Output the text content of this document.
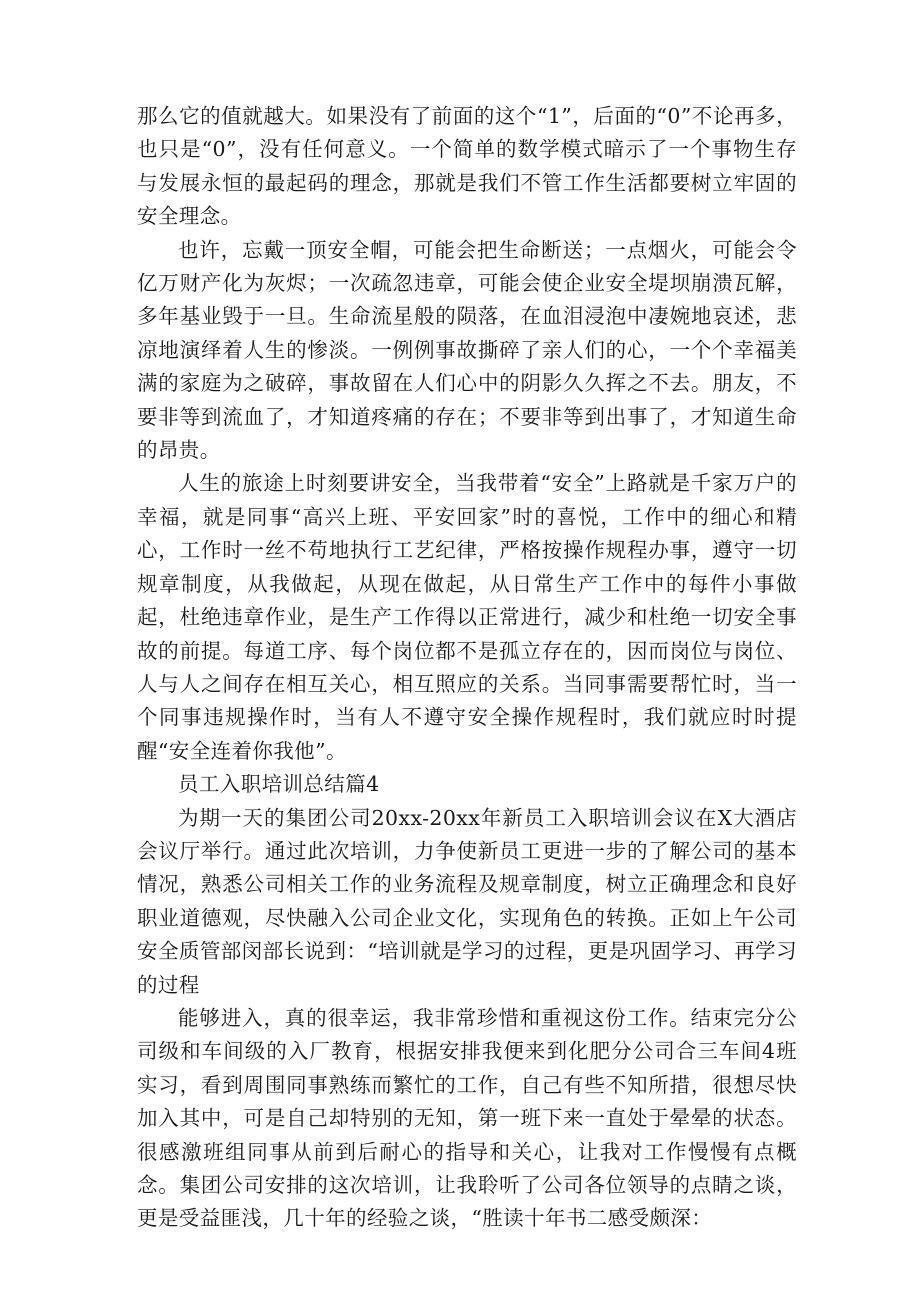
那么它的值就越大。如果没有了前面的这个“1”，后面的“0”不论再多，也只是“0”，没有任何意义。一个简单的数学模式暗示了一个事物生存与发展永恒的最起码的理念，那就是我们不管工作生活都要树立牢固的安全理念。

也许，忘戴一顶安全帽，可能会把生命断送；一点烟火，可能会令亿万财产化为灰烬；一次疏忽违章，可能会使企业安全堤坝崩溃瓦解，多年基业毁于一旦。生命流星般的陨落，在血泪浸泡中凄婉地哀述，悲凉地演绎着人生的惨淡。一例例事故撕碎了亲人们的心，一个个幸福美满的家庭为之破碎，事故留在人们心中的阴影久久挥之不去。朋友，不要非等到流血了，才知道疼痛的存在；不要非等到出事了，才知道生命的昂贵。

人生的旅途上时刻要讲安全，当我带着“安全”上路就是千家万户的幸福，就是同事“高兴上班、平安回家”时的喜悦，工作中的细心和精心，工作时一丝不苟地执行工艺纪律，严格按操作规程办事，遵守一切规章制度，从我做起，从现在做起，从日常生产工作中的每件小事做起，杜绝违章作业，是生产工作得以正常进行，减少和杜绝一切安全事故的前提。每道工序、每个岗位都不是孤立存在的，因而岗位与岗位、人与人之间存在相互关心，相互照应的关系。当同事需要帮忙时，当一个同事违规操作时，当有人不遵守安全操作规程时，我们就应时时提醒“安全连着你我他”。

员工入职培训总结篇4

为期一天的集团公司20xx-20xx年新员工入职培训会议在X大酒店会议厅举行。通过此次培训，力争使新员工更进一步的了解公司的基本情况，熟悉公司相关工作的业务流程及规章制度，树立正确理念和良好职业道德观，尽快融入公司企业文化，实现角色的转换。正如上午公司安全质管部闵部长说到：“培训就是学习的过程，更是巩固学习、再学习的过程

能够进入，真的很幸运，我非常珍惜和重视这份工作。结束完分公司级和车间级的入厂教育，根据安排我便来到化肥分公司合三车间4班实习，看到周围同事熟练而繁忙的工作，自己有些不知所措，很想尽快加入其中，可是自己却特别的无知，第一班下来一直处于晕晕的状态。很感激班组同事从前到后耐心的指导和关心，让我对工作慢慢有点概念。集团公司安排的这次培训，让我聆听了公司各位领导的点睛之谈，更是受益匪浅，几十年的经验之谈，“胜读十年书二感受颇深：
